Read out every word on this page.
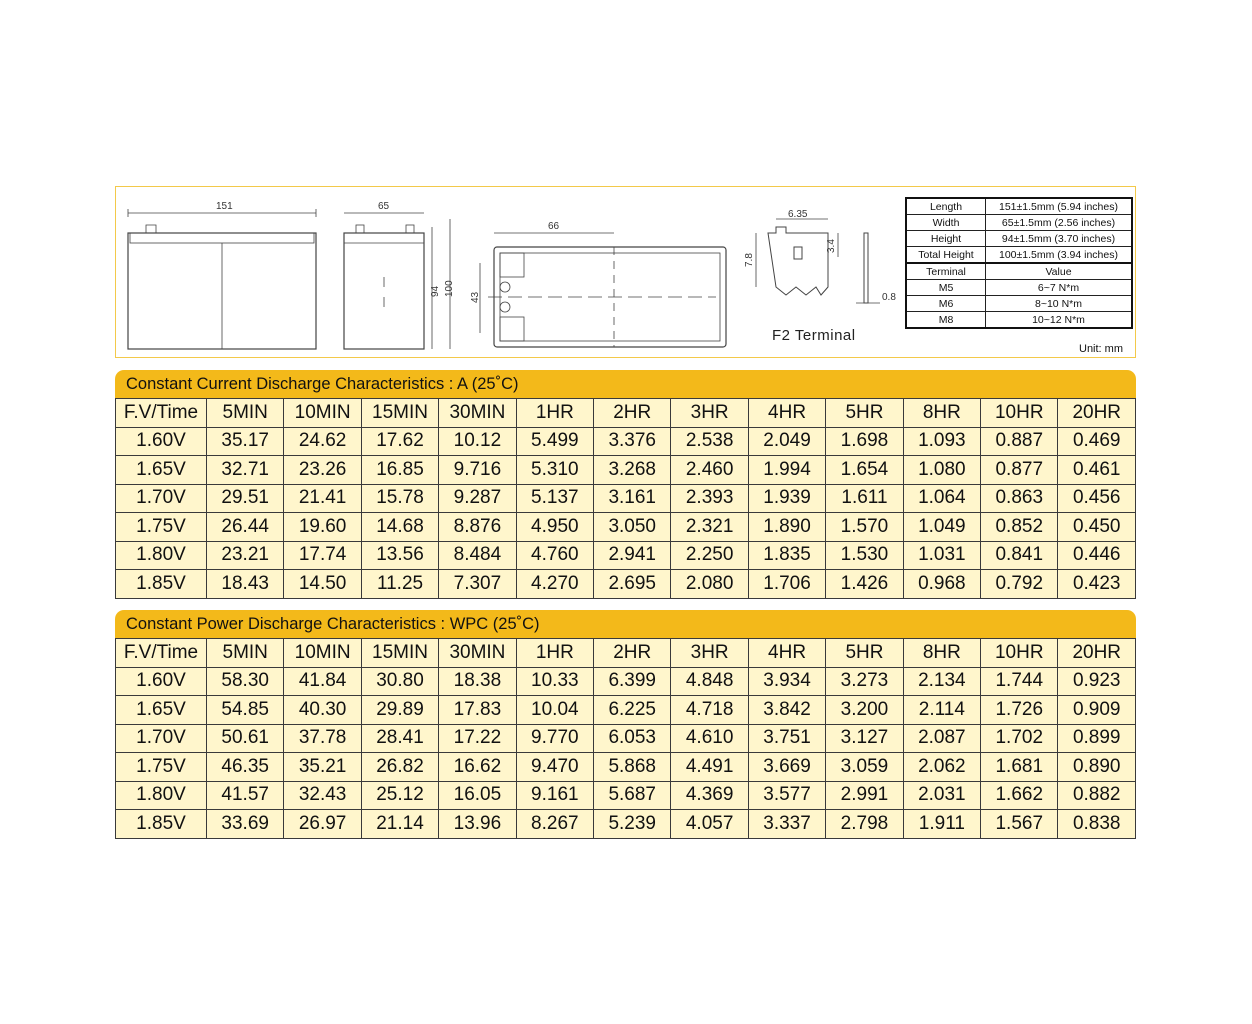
151	65
94 100
66
43
6.35
7.8
3.4
0.8
F2 Terminal
Length	151±1.5mm (5.94 inches)
Width	65±1.5mm (2.56 inches)
Height	94±1.5mm (3.70 inches)
Total Height	100±1.5mm (3.94 inches)
Terminal	Value
M5	6~7 N*m
M6	8~10 N*m
M8	10~12 N*m
Unit: mm
Constant Current Discharge Characteristics : A (25˚C)
F.V/Time	5MIN	10MIN	15MIN	30MIN	1HR	2HR	3HR	4HR	5HR	8HR	10HR	20HR
1.60V	35.17	24.62	17.62	10.12	5.499	3.376	2.538	2.049	1.698	1.093	0.887	0.469
1.65V	32.71	23.26	16.85	9.716	5.310	3.268	2.460	1.994	1.654	1.080	0.877	0.461
1.70V	29.51	21.41	15.78	9.287	5.137	3.161	2.393	1.939	1.611	1.064	0.863	0.456
1.75V	26.44	19.60	14.68	8.876	4.950	3.050	2.321	1.890	1.570	1.049	0.852	0.450
1.80V	23.21	17.74	13.56	8.484	4.760	2.941	2.250	1.835	1.530	1.031	0.841	0.446
1.85V	18.43	14.50	11.25	7.307	4.270	2.695	2.080	1.706	1.426	0.968	0.792	0.423
Constant Power Discharge Characteristics : WPC (25˚C)
F.V/Time	5MIN	10MIN	15MIN	30MIN	1HR	2HR	3HR	4HR	5HR	8HR	10HR	20HR
1.60V	58.30	41.84	30.80	18.38	10.33	6.399	4.848	3.934	3.273	2.134	1.744	0.923
1.65V	54.85	40.30	29.89	17.83	10.04	6.225	4.718	3.842	3.200	2.114	1.726	0.909
1.70V	50.61	37.78	28.41	17.22	9.770	6.053	4.610	3.751	3.127	2.087	1.702	0.899
1.75V	46.35	35.21	26.82	16.62	9.470	5.868	4.491	3.669	3.059	2.062	1.681	0.890
1.80V	41.57	32.43	25.12	16.05	9.161	5.687	4.369	3.577	2.991	2.031	1.662	0.882
1.85V	33.69	26.97	21.14	13.96	8.267	5.239	4.057	3.337	2.798	1.911	1.567	0.838
